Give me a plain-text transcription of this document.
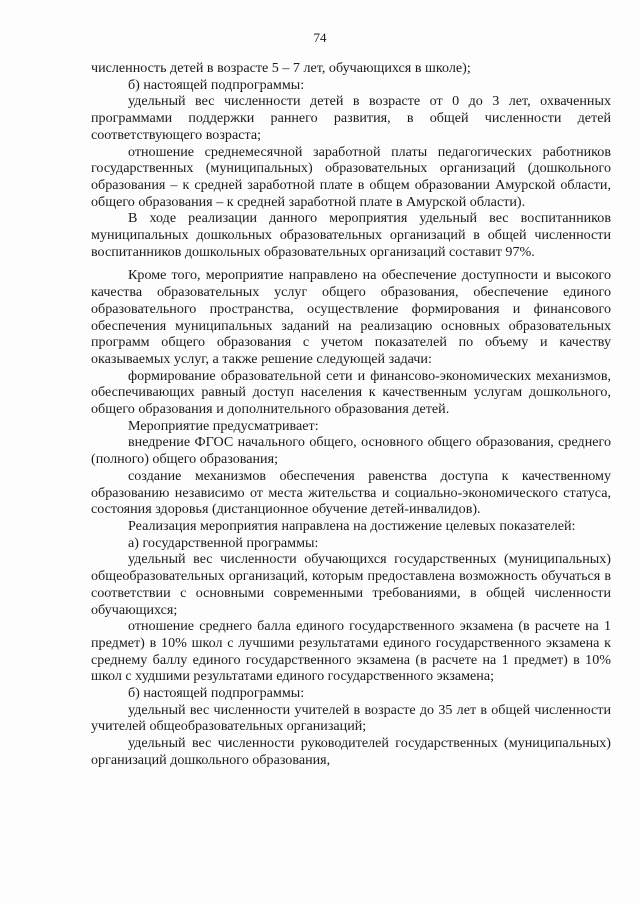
74

численность детей в возрасте 5 – 7 лет, обучающихся в школе);

б) настоящей подпрограммы:

удельный вес численности детей в возрасте от 0 до 3 лет, охваченных программами поддержки раннего развития, в общей численности детей соответствующего возраста;

отношение среднемесячной заработной платы педагогических работников государственных (муниципальных) образовательных организаций (дошкольного образования – к средней заработной плате в общем образовании Амурской области, общего образования – к средней заработной плате в Амурской области).

В ходе реализации данного мероприятия удельный вес воспитанников муниципальных дошкольных образовательных организаций в общей численности воспитанников дошкольных образовательных организаций составит 97%.

Кроме того, мероприятие направлено на обеспечение доступности и высокого качества образовательных услуг общего образования, обеспечение единого образовательного пространства, осуществление формирования и финансового обеспечения муниципальных заданий на реализацию основных образовательных программ общего образования с учетом показателей по объему и качеству оказываемых услуг, а также решение следующей задачи:

формирование образовательной сети и финансово-экономических механизмов, обеспечивающих равный доступ населения к качественным услугам дошкольного, общего образования и дополнительного образования детей.

Мероприятие предусматривает:

внедрение ФГОС начального общего, основного общего образования, среднего (полного) общего образования;

создание механизмов обеспечения равенства доступа к качественному образованию независимо от места жительства и социально-экономического статуса, состояния здоровья (дистанционное обучение детей-инвалидов).

Реализация мероприятия направлена на достижение целевых показателей:

а) государственной программы:

удельный вес численности обучающихся государственных (муниципальных) общеобразовательных организаций, которым предоставлена возможность обучаться в соответствии с основными современными требованиями, в общей численности обучающихся;

отношение среднего балла единого государственного экзамена (в расчете на 1 предмет) в 10% школ с лучшими результатами единого государственного экзамена к среднему баллу единого государственного экзамена (в расчете на 1 предмет) в 10% школ с худшими результатами единого государственного экзамена;

б) настоящей подпрограммы:

удельный вес численности учителей в возрасте до 35 лет в общей численности учителей общеобразовательных организаций;

удельный вес численности руководителей государственных (муниципальных) организаций дошкольного образования,
